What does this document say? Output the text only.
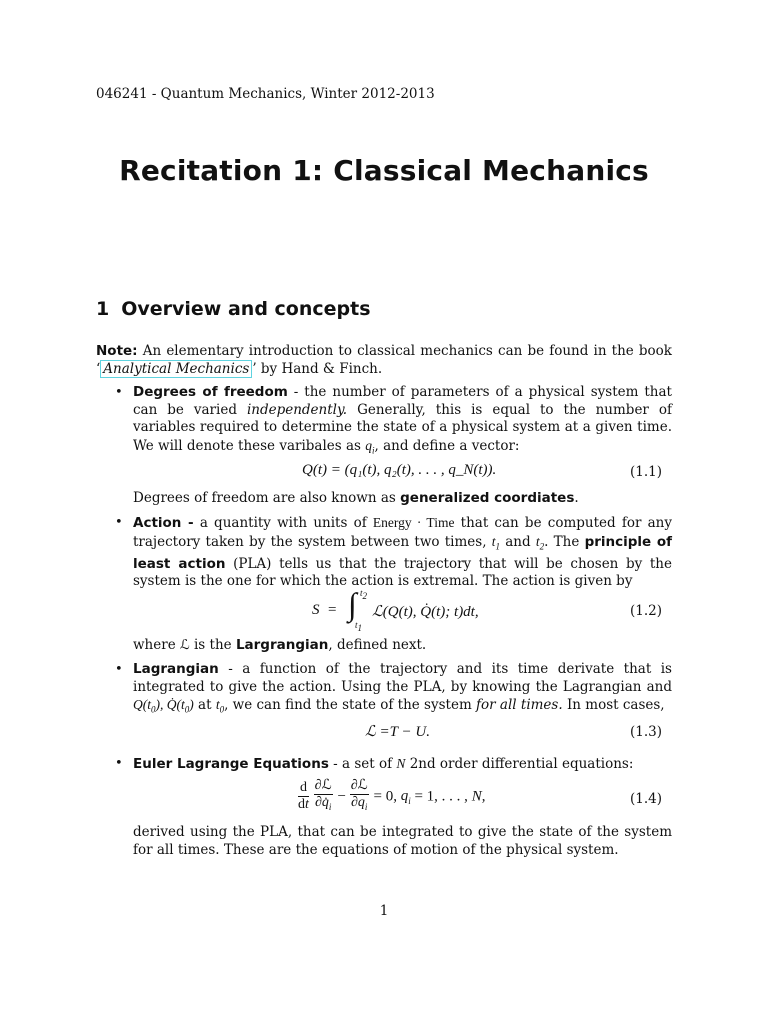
046241 - Quantum Mechanics, Winter 2012-2013
Recitation 1: Classical Mechanics
1 Overview and concepts
Note: An elementary introduction to classical mechanics can be found in the book ‘ Analytical Mechanics ’ by Hand & Finch.
• Degrees of freedom - the number of parameters of a physical system that can be varied independently. Generally, this is equal to the number of variables required to determine the state of a physical system at a given time. We will denote these varibales as $q_i$, and define a vector:
Q(t) = (q₁(t), q₂(t), . . . , q_N(t)).	(1.1)
Degrees of freedom are also known as generalized coordiates.
• Action - a quantity with units of Energy · Time that can be computed for any trajectory taken by the system between two times, $t_1$ and $t_2$. The principle of least action (PLA) tells us that the trajectory that will be chosen by the system is the one for which the action is extremal. The action is given by
S = ∫ $t_2$
$t_1$
ℒ(Q(t), Q̇(t); t)dt,	(1.2)
where ℒ is the Largrangian, defined next.
• Lagrangian - a function of the trajectory and its time derivate that is integrated to give the action. Using the PLA, by knowing the Lagrangian and $Q(t_0)$, $Q̇(t_0)$ at $t_0$, we can find the state of the system for all times. In most cases,
ℒ =T − U.	(1.3)
• Euler Lagrange Equations - a set of N 2nd order differential equations:
$\frac{d}{dt}$
$\frac{\text{∂ℒ}}{\partial q̇_i} - \frac{\text{∂ℒ}}{\partial q_i} = 0$, $q_i = 1$, . . . , N,	(1.4)
derived using the PLA, that can be integrated to give the state of the system for all times. These are the equations of motion of the physical system.
1
